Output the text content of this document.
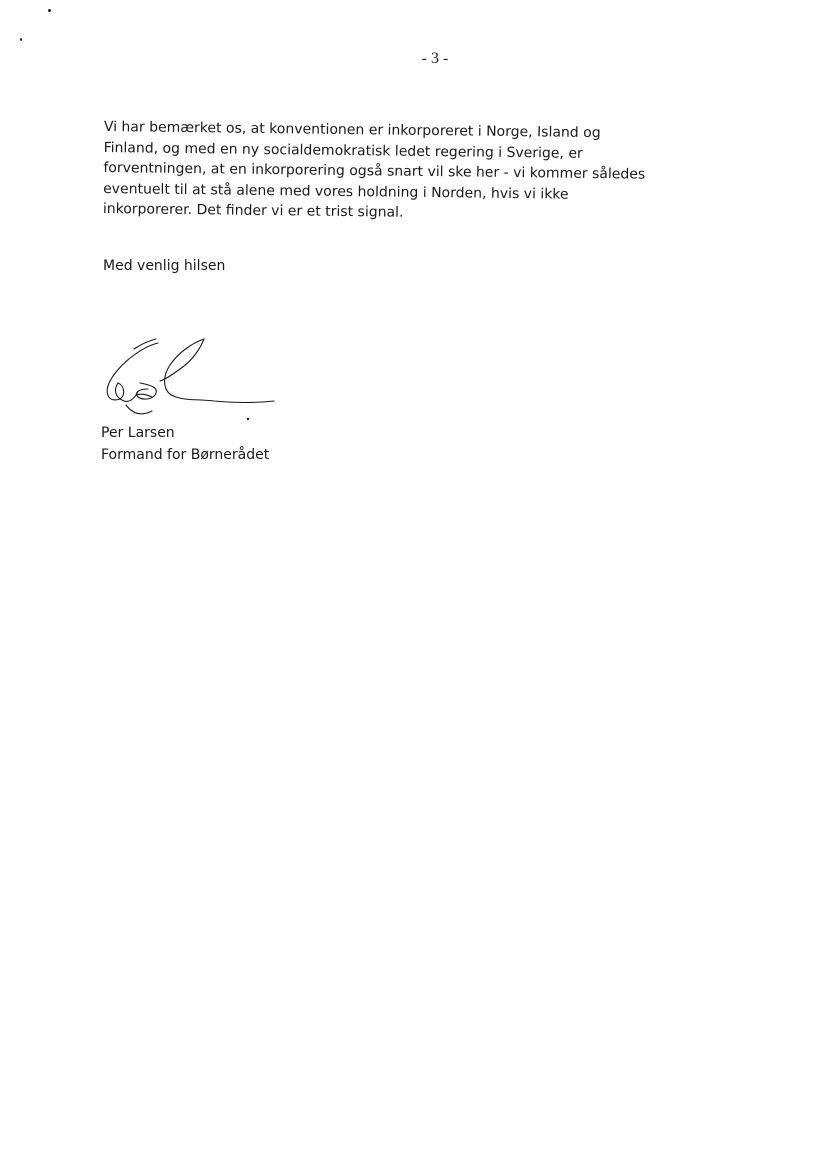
- 3 -
Vi har bemærket os, at konventionen er inkorporeret i Norge, Island og
Finland, og med en ny socialdemokratisk ledet regering i Sverige, er
forventningen, at en inkorporering også snart vil ske her - vi kommer således
eventuelt til at stå alene med vores holdning i Norden, hvis vi ikke
inkorporerer. Det finder vi er et trist signal.
Med venlig hilsen
Per Larsen
Formand for Børnerådet
